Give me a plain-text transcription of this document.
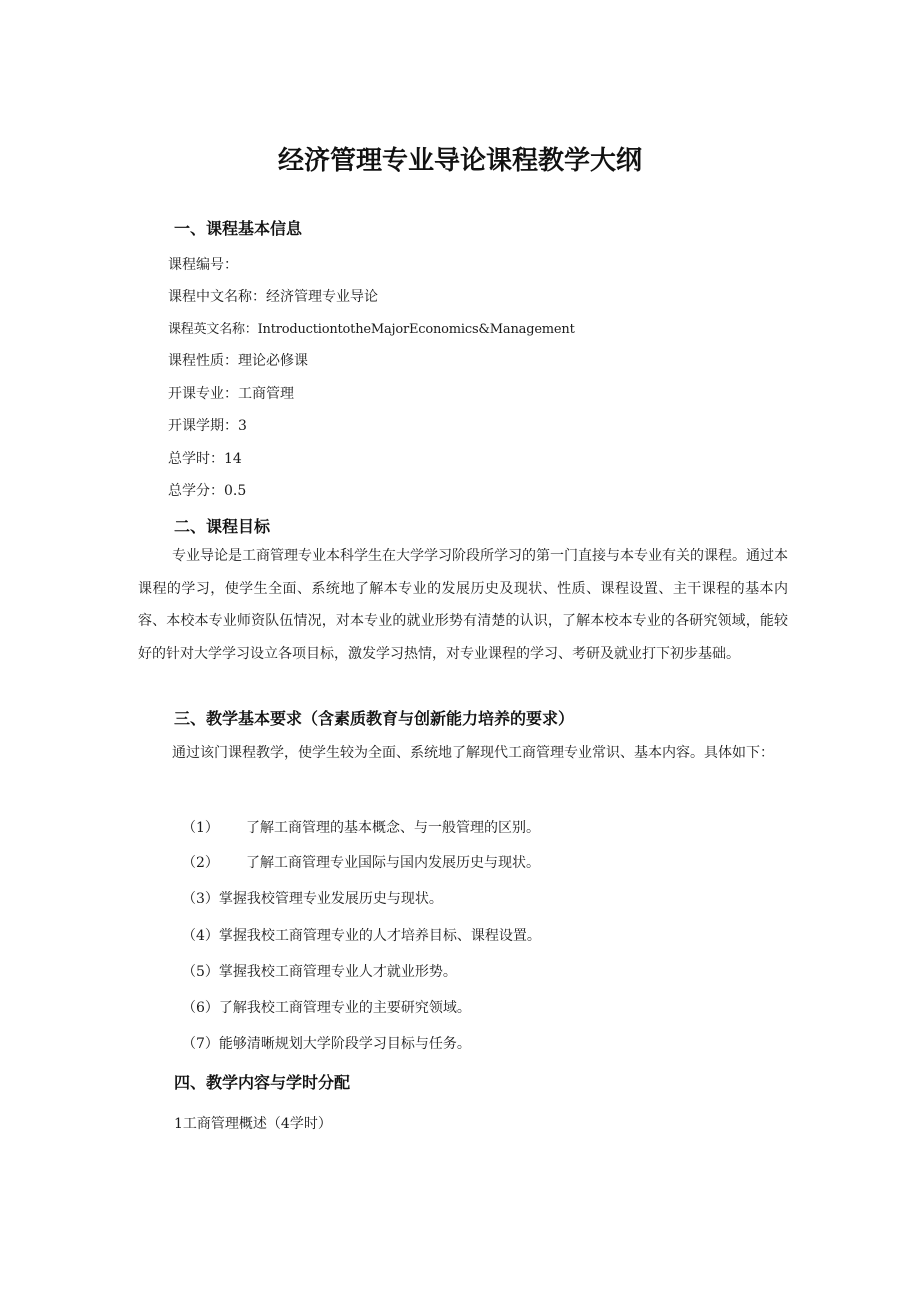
经济管理专业导论课程教学大纲
一、课程基本信息
课程编号：
课程中文名称：经济管理专业导论
课程英文名称：IntroductiontotheMajorEconomics&Management
课程性质：理论必修课
开课专业：工商管理
开课学期：3
总学时：14
总学分：0.5
二、课程目标
专业导论是工商管理专业本科学生在大学学习阶段所学习的第一门直接与本专业有关的课程。通过本课程的学习，使学生全面、系统地了解本专业的发展历史及现状、性质、课程设置、主干课程的基本内容、本校本专业师资队伍情况，对本专业的就业形势有清楚的认识，了解本校本专业的各研究领域，能较好的针对大学学习设立各项目标，激发学习热情，对专业课程的学习、考研及就业打下初步基础。
三、教学基本要求（含素质教育与创新能力培养的要求）
通过该门课程教学，使学生较为全面、系统地了解现代工商管理专业常识、基本内容。具体如下：
（1） 了解工商管理的基本概念、与一般管理的区别。
（2） 了解工商管理专业国际与国内发展历史与现状。
（3）掌握我校管理专业发展历史与现状。
（4）掌握我校工商管理专业的人才培养目标、课程设置。
（5）掌握我校工商管理专业人才就业形势。
（6）了解我校工商管理专业的主要研究领域。
（7）能够清晰规划大学阶段学习目标与任务。
四、教学内容与学时分配
1工商管理概述（4学时）
